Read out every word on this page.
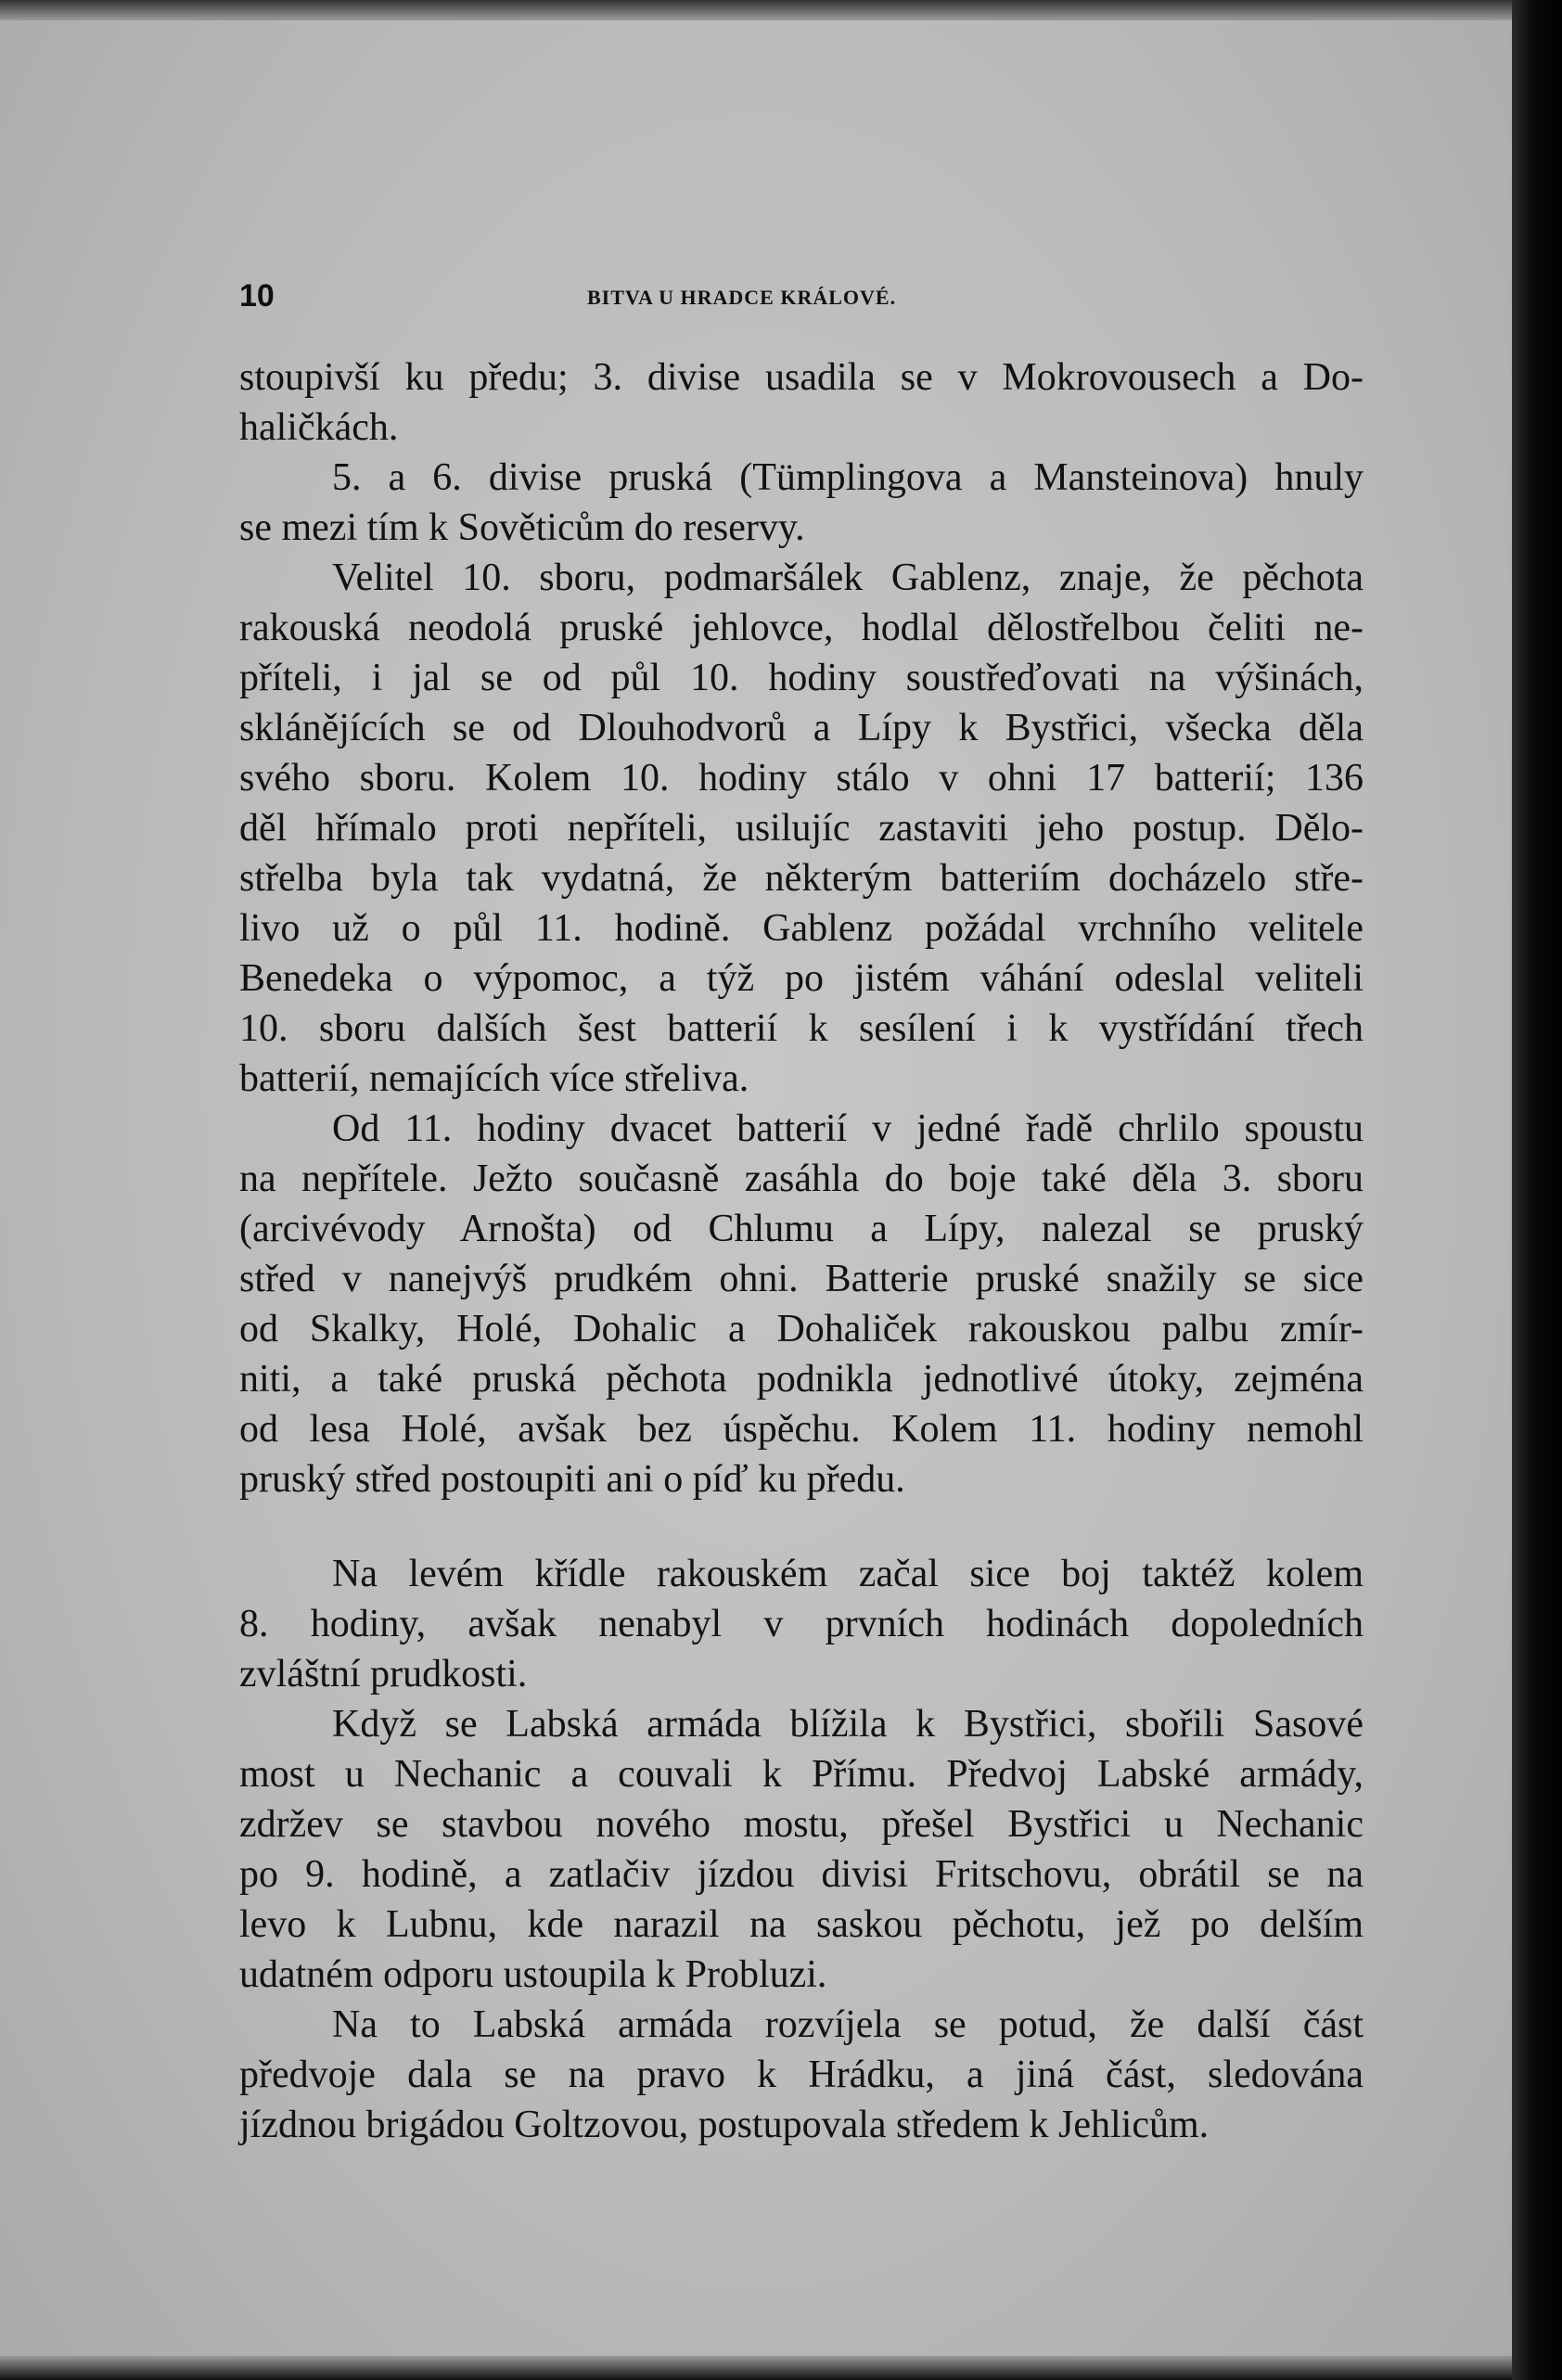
10	BITVA U HRADCE KRÁLOVÉ.
stoupivší ku předu; 3. divise usadila se v Mokrovousech a Do-
haličkách.
5. a 6. divise pruská (Tümplingova a Mansteinova) hnuly
se mezi tím k Sověticům do reservy.
Velitel 10. sboru, podmaršálek Gablenz, znaje, že pěchota
rakouská neodolá pruské jehlovce, hodlal dělostřelbou čeliti ne-
příteli, i jal se od půl 10. hodiny soustřeďovati na výšinách,
sklánějících se od Dlouhodvorů a Lípy k Bystřici, všecka děla
svého sboru. Kolem 10. hodiny stálo v ohni 17 batterií; 136
děl hřímalo proti nepříteli, usilujíc zastaviti jeho postup. Dělo-
střelba byla tak vydatná, že některým batteriím docházelo stře-
livo už o půl 11. hodině. Gablenz požádal vrchního velitele
Benedeka o výpomoc, a týž po jistém váhání odeslal veliteli
10. sboru dalších šest batterií k sesílení i k vystřídání třech
batterií, nemajících více střeliva.
Od 11. hodiny dvacet batterií v jedné řadě chrlilo spoustu
na nepřítele. Ježto současně zasáhla do boje také děla 3. sboru
(arcivévody Arnošta) od Chlumu a Lípy, nalezal se pruský
střed v nanejvýš prudkém ohni. Batterie pruské snažily se sice
od Skalky, Holé, Dohalic a Dohaliček rakouskou palbu zmír-
niti, a také pruská pěchota podnikla jednotlivé útoky, zejména
od lesa Holé, avšak bez úspěchu. Kolem 11. hodiny nemohl
pruský střed postoupiti ani o píď ku předu.
Na levém křídle rakouském začal sice boj taktéž kolem
8. hodiny, avšak nenabyl v prvních hodinách dopoledních
zvláštní prudkosti.
Když se Labská armáda blížila k Bystřici, sbořili Sasové
most u Nechanic a couvali k Přímu. Předvoj Labské armády,
zdržev se stavbou nového mostu, přešel Bystřici u Nechanic
po 9. hodině, a zatlačiv jízdou divisi Fritschovu, obrátil se na
levo k Lubnu, kde narazil na saskou pěchotu, jež po delším
udatném odporu ustoupila k Probluzi.
Na to Labská armáda rozvíjela se potud, že další část
předvoje dala se na pravo k Hrádku, a jiná část, sledována
jízdnou brigádou Goltzovou, postupovala středem k Jehlicům.
